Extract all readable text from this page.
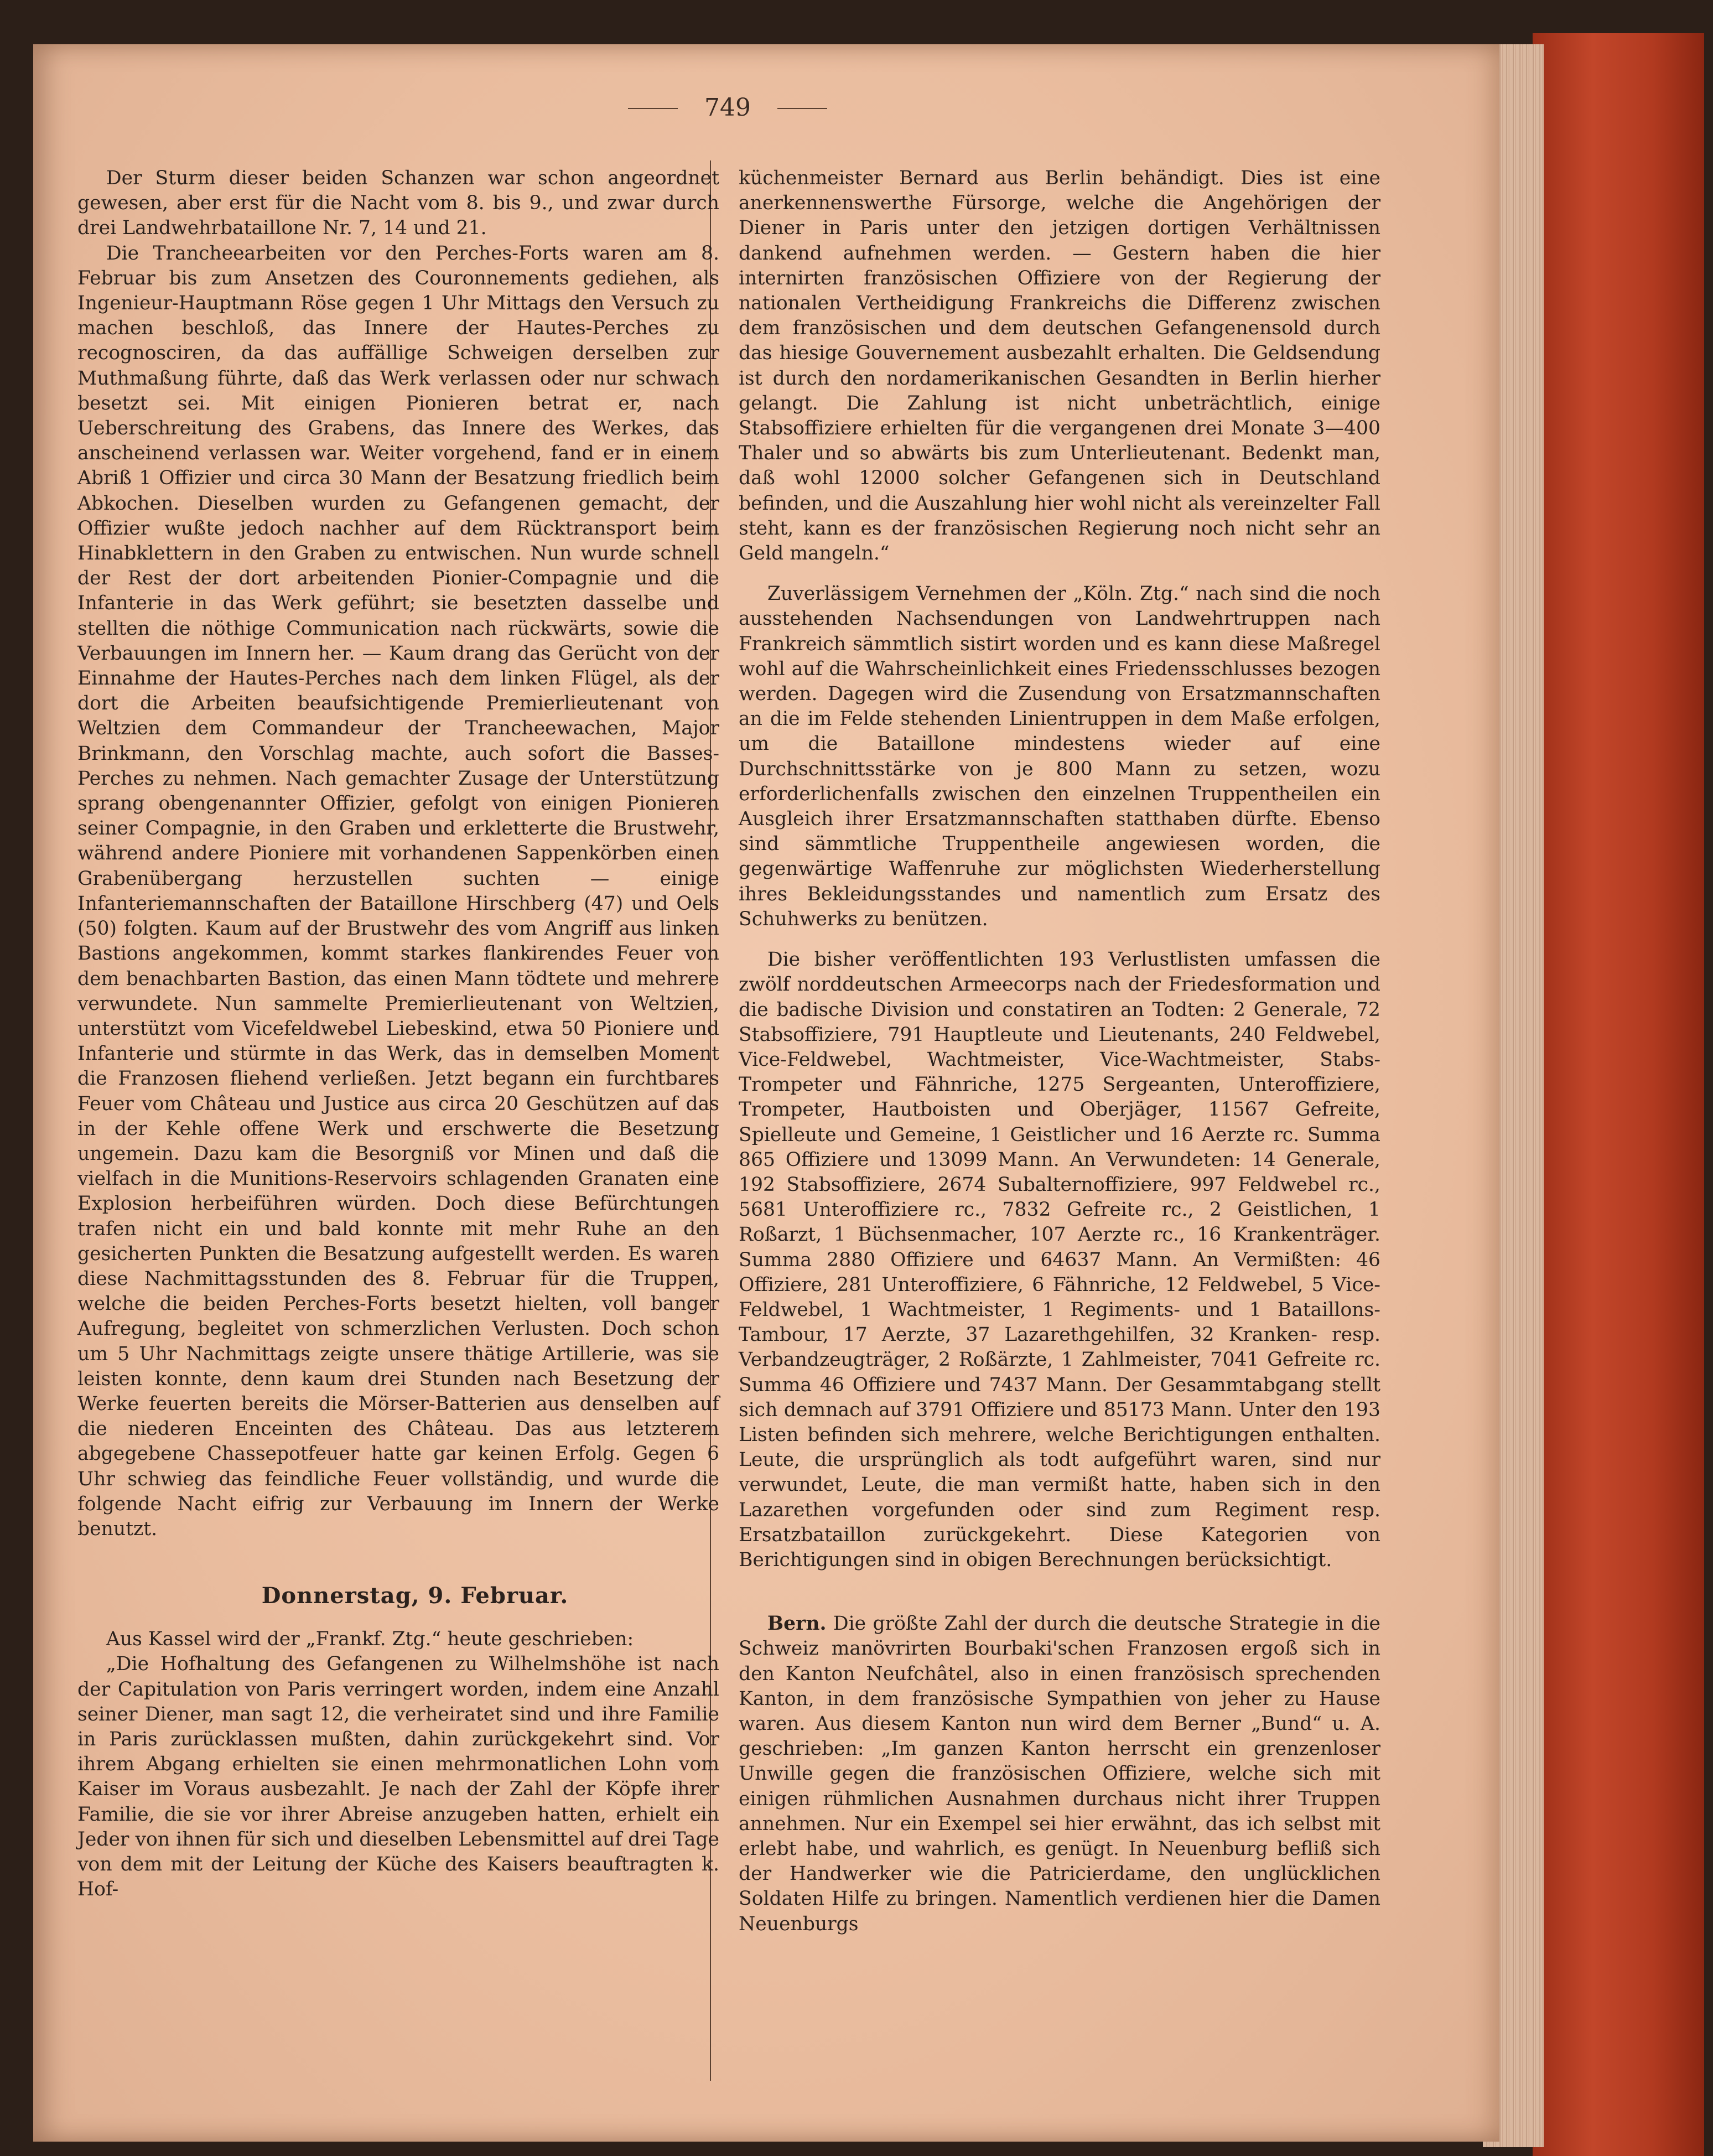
749

Der Sturm dieser beiden Schanzen war schon angeordnet gewesen, aber erst für die Nacht vom 8. bis 9., und zwar durch drei Landwehrbataillone Nr. 7, 14 und 21.

Die Trancheearbeiten vor den Perches-Forts waren am 8. Februar bis zum Ansetzen des Couronnements gediehen, als Ingenieur-Hauptmann Röse gegen 1 Uhr Mittags den Versuch zu machen beschloß, das Innere der Hautes-Perches zu recognosciren, da das auffällige Schweigen derselben zur Muthmaßung führte, daß das Werk verlassen oder nur schwach besetzt sei. Mit einigen Pionieren betrat er, nach Ueberschreitung des Grabens, das Innere des Werkes, das anscheinend verlassen war. Weiter vorgehend, fand er in einem Abriß 1 Offizier und circa 30 Mann der Besatzung friedlich beim Abkochen. Dieselben wurden zu Gefangenen gemacht, der Offizier wußte jedoch nachher auf dem Rücktransport beim Hinabklettern in den Graben zu entwischen. Nun wurde schnell der Rest der dort arbeitenden Pionier-Compagnie und die Infanterie in das Werk geführt; sie besetzten dasselbe und stellten die nöthige Communication nach rückwärts, sowie die Verbauungen im Innern her. — Kaum drang das Gerücht von der Einnahme der Hautes-Perches nach dem linken Flügel, als der dort die Arbeiten beaufsichtigende Premierlieutenant von Weltzien dem Commandeur der Trancheewachen, Major Brinkmann, den Vorschlag machte, auch sofort die Basses-Perches zu nehmen. Nach gemachter Zusage der Unterstützung sprang obengenannter Offizier, gefolgt von einigen Pionieren seiner Compagnie, in den Graben und erkletterte die Brustwehr, während andere Pioniere mit vorhandenen Sappenkörben einen Grabenübergang herzustellen suchten — einige Infanteriemannschaften der Bataillone Hirschberg (47) und Oels (50) folgten. Kaum auf der Brustwehr des vom Angriff aus linken Bastions angekommen, kommt starkes flankirendes Feuer von dem benachbarten Bastion, das einen Mann tödtete und mehrere verwundete. Nun sammelte Premierlieutenant von Weltzien, unterstützt vom Vicefeldwebel Liebeskind, etwa 50 Pioniere und Infanterie und stürmte in das Werk, das in demselben Moment die Franzosen fliehend verließen. Jetzt begann ein furchtbares Feuer vom Château und Justice aus circa 20 Geschützen auf das in der Kehle offene Werk und erschwerte die Besetzung ungemein. Dazu kam die Besorgniß vor Minen und daß die vielfach in die Munitions-Reservoirs schlagenden Granaten eine Explosion herbeiführen würden. Doch diese Befürchtungen trafen nicht ein und bald konnte mit mehr Ruhe an den gesicherten Punkten die Besatzung aufgestellt werden. Es waren diese Nachmittagsstunden des 8. Februar für die Truppen, welche die beiden Perches-Forts besetzt hielten, voll banger Aufregung, begleitet von schmerzlichen Verlusten. Doch schon um 5 Uhr Nachmittags zeigte unsere thätige Artillerie, was sie leisten konnte, denn kaum drei Stunden nach Besetzung der Werke feuerten bereits die Mörser-Batterien aus denselben auf die niederen Enceinten des Château. Das aus letzterem abgegebene Chassepotfeuer hatte gar keinen Erfolg. Gegen 6 Uhr schwieg das feindliche Feuer vollständig, und wurde die folgende Nacht eifrig zur Verbauung im Innern der Werke benutzt.

Donnerstag, 9. Februar.

Aus Kassel wird der „Frankf. Ztg.“ heute geschrieben:

„Die Hofhaltung des Gefangenen zu Wilhelmshöhe ist nach der Capitulation von Paris verringert worden, indem eine Anzahl seiner Diener, man sagt 12, die verheiratet sind und ihre Familie in Paris zurücklassen mußten, dahin zurückgekehrt sind. Vor ihrem Abgang erhielten sie einen mehrmonatlichen Lohn vom Kaiser im Voraus ausbezahlt. Je nach der Zahl der Köpfe ihrer Familie, die sie vor ihrer Abreise anzugeben hatten, erhielt ein Jeder von ihnen für sich und dieselben Lebensmittel auf drei Tage von dem mit der Leitung der Küche des Kaisers beauftragten k. Hof-

küchenmeister Bernard aus Berlin behändigt. Dies ist eine anerkennenswerthe Fürsorge, welche die Angehörigen der Diener in Paris unter den jetzigen dortigen Verhältnissen dankend aufnehmen werden. — Gestern haben die hier internirten französischen Offiziere von der Regierung der nationalen Vertheidigung Frankreichs die Differenz zwischen dem französischen und dem deutschen Gefangenensold durch das hiesige Gouvernement ausbezahlt erhalten. Die Geldsendung ist durch den nordamerikanischen Gesandten in Berlin hierher gelangt. Die Zahlung ist nicht unbeträchtlich, einige Stabsoffiziere erhielten für die vergangenen drei Monate 3—400 Thaler und so abwärts bis zum Unterlieutenant. Bedenkt man, daß wohl 12000 solcher Gefangenen sich in Deutschland befinden, und die Auszahlung hier wohl nicht als vereinzelter Fall steht, kann es der französischen Regierung noch nicht sehr an Geld mangeln.“

Zuverlässigem Vernehmen der „Köln. Ztg.“ nach sind die noch ausstehenden Nachsendungen von Landwehrtruppen nach Frankreich sämmtlich sistirt worden und es kann diese Maßregel wohl auf die Wahrscheinlichkeit eines Friedensschlusses bezogen werden. Dagegen wird die Zusendung von Ersatzmannschaften an die im Felde stehenden Linientruppen in dem Maße erfolgen, um die Bataillone mindestens wieder auf eine Durchschnittsstärke von je 800 Mann zu setzen, wozu erforderlichenfalls zwischen den einzelnen Truppentheilen ein Ausgleich ihrer Ersatzmannschaften statthaben dürfte. Ebenso sind sämmtliche Truppentheile angewiesen worden, die gegenwärtige Waffenruhe zur möglichsten Wiederherstellung ihres Bekleidungsstandes und namentlich zum Ersatz des Schuhwerks zu benützen.

Die bisher veröffentlichten 193 Verlustlisten umfassen die zwölf norddeutschen Armeecorps nach der Friedesformation und die badische Division und constatiren an Todten: 2 Generale, 72 Stabsoffiziere, 791 Hauptleute und Lieutenants, 240 Feldwebel, Vice-Feldwebel, Wachtmeister, Vice-Wachtmeister, Stabs-Trompeter und Fähnriche, 1275 Sergeanten, Unteroffiziere, Trompeter, Hautboisten und Oberjäger, 11567 Gefreite, Spielleute und Gemeine, 1 Geistlicher und 16 Aerzte rc. Summa 865 Offiziere und 13099 Mann. An Verwundeten: 14 Generale, 192 Stabsoffiziere, 2674 Subalternoffiziere, 997 Feldwebel rc., 5681 Unteroffiziere rc., 7832 Gefreite rc., 2 Geistlichen, 1 Roßarzt, 1 Büchsenmacher, 107 Aerzte rc., 16 Krankenträger. Summa 2880 Offiziere und 64637 Mann. An Vermißten: 46 Offiziere, 281 Unteroffiziere, 6 Fähnriche, 12 Feldwebel, 5 Vice-Feldwebel, 1 Wachtmeister, 1 Regiments- und 1 Bataillons-Tambour, 17 Aerzte, 37 Lazarethgehilfen, 32 Kranken- resp. Verbandzeugträger, 2 Roßärzte, 1 Zahlmeister, 7041 Gefreite rc. Summa 46 Offiziere und 7437 Mann. Der Gesammtabgang stellt sich demnach auf 3791 Offiziere und 85173 Mann. Unter den 193 Listen befinden sich mehrere, welche Berichtigungen enthalten. Leute, die ursprünglich als todt aufgeführt waren, sind nur verwundet, Leute, die man vermißt hatte, haben sich in den Lazarethen vorgefunden oder sind zum Regiment resp. Ersatzbataillon zurückgekehrt. Diese Kategorien von Berichtigungen sind in obigen Berechnungen berücksichtigt.

Bern. Die größte Zahl der durch die deutsche Strategie in die Schweiz manövrirten Bourbaki'schen Franzosen ergoß sich in den Kanton Neufchâtel, also in einen französisch sprechenden Kanton, in dem französische Sympathien von jeher zu Hause waren. Aus diesem Kanton nun wird dem Berner „Bund“ u. A. geschrieben: „Im ganzen Kanton herrscht ein grenzenloser Unwille gegen die französischen Offiziere, welche sich mit einigen rühmlichen Ausnahmen durchaus nicht ihrer Truppen annehmen. Nur ein Exempel sei hier erwähnt, das ich selbst mit erlebt habe, und wahrlich, es genügt. In Neuenburg befliß sich der Handwerker wie die Patricierdame, den unglücklichen Soldaten Hilfe zu bringen. Namentlich verdienen hier die Damen Neuenburgs
